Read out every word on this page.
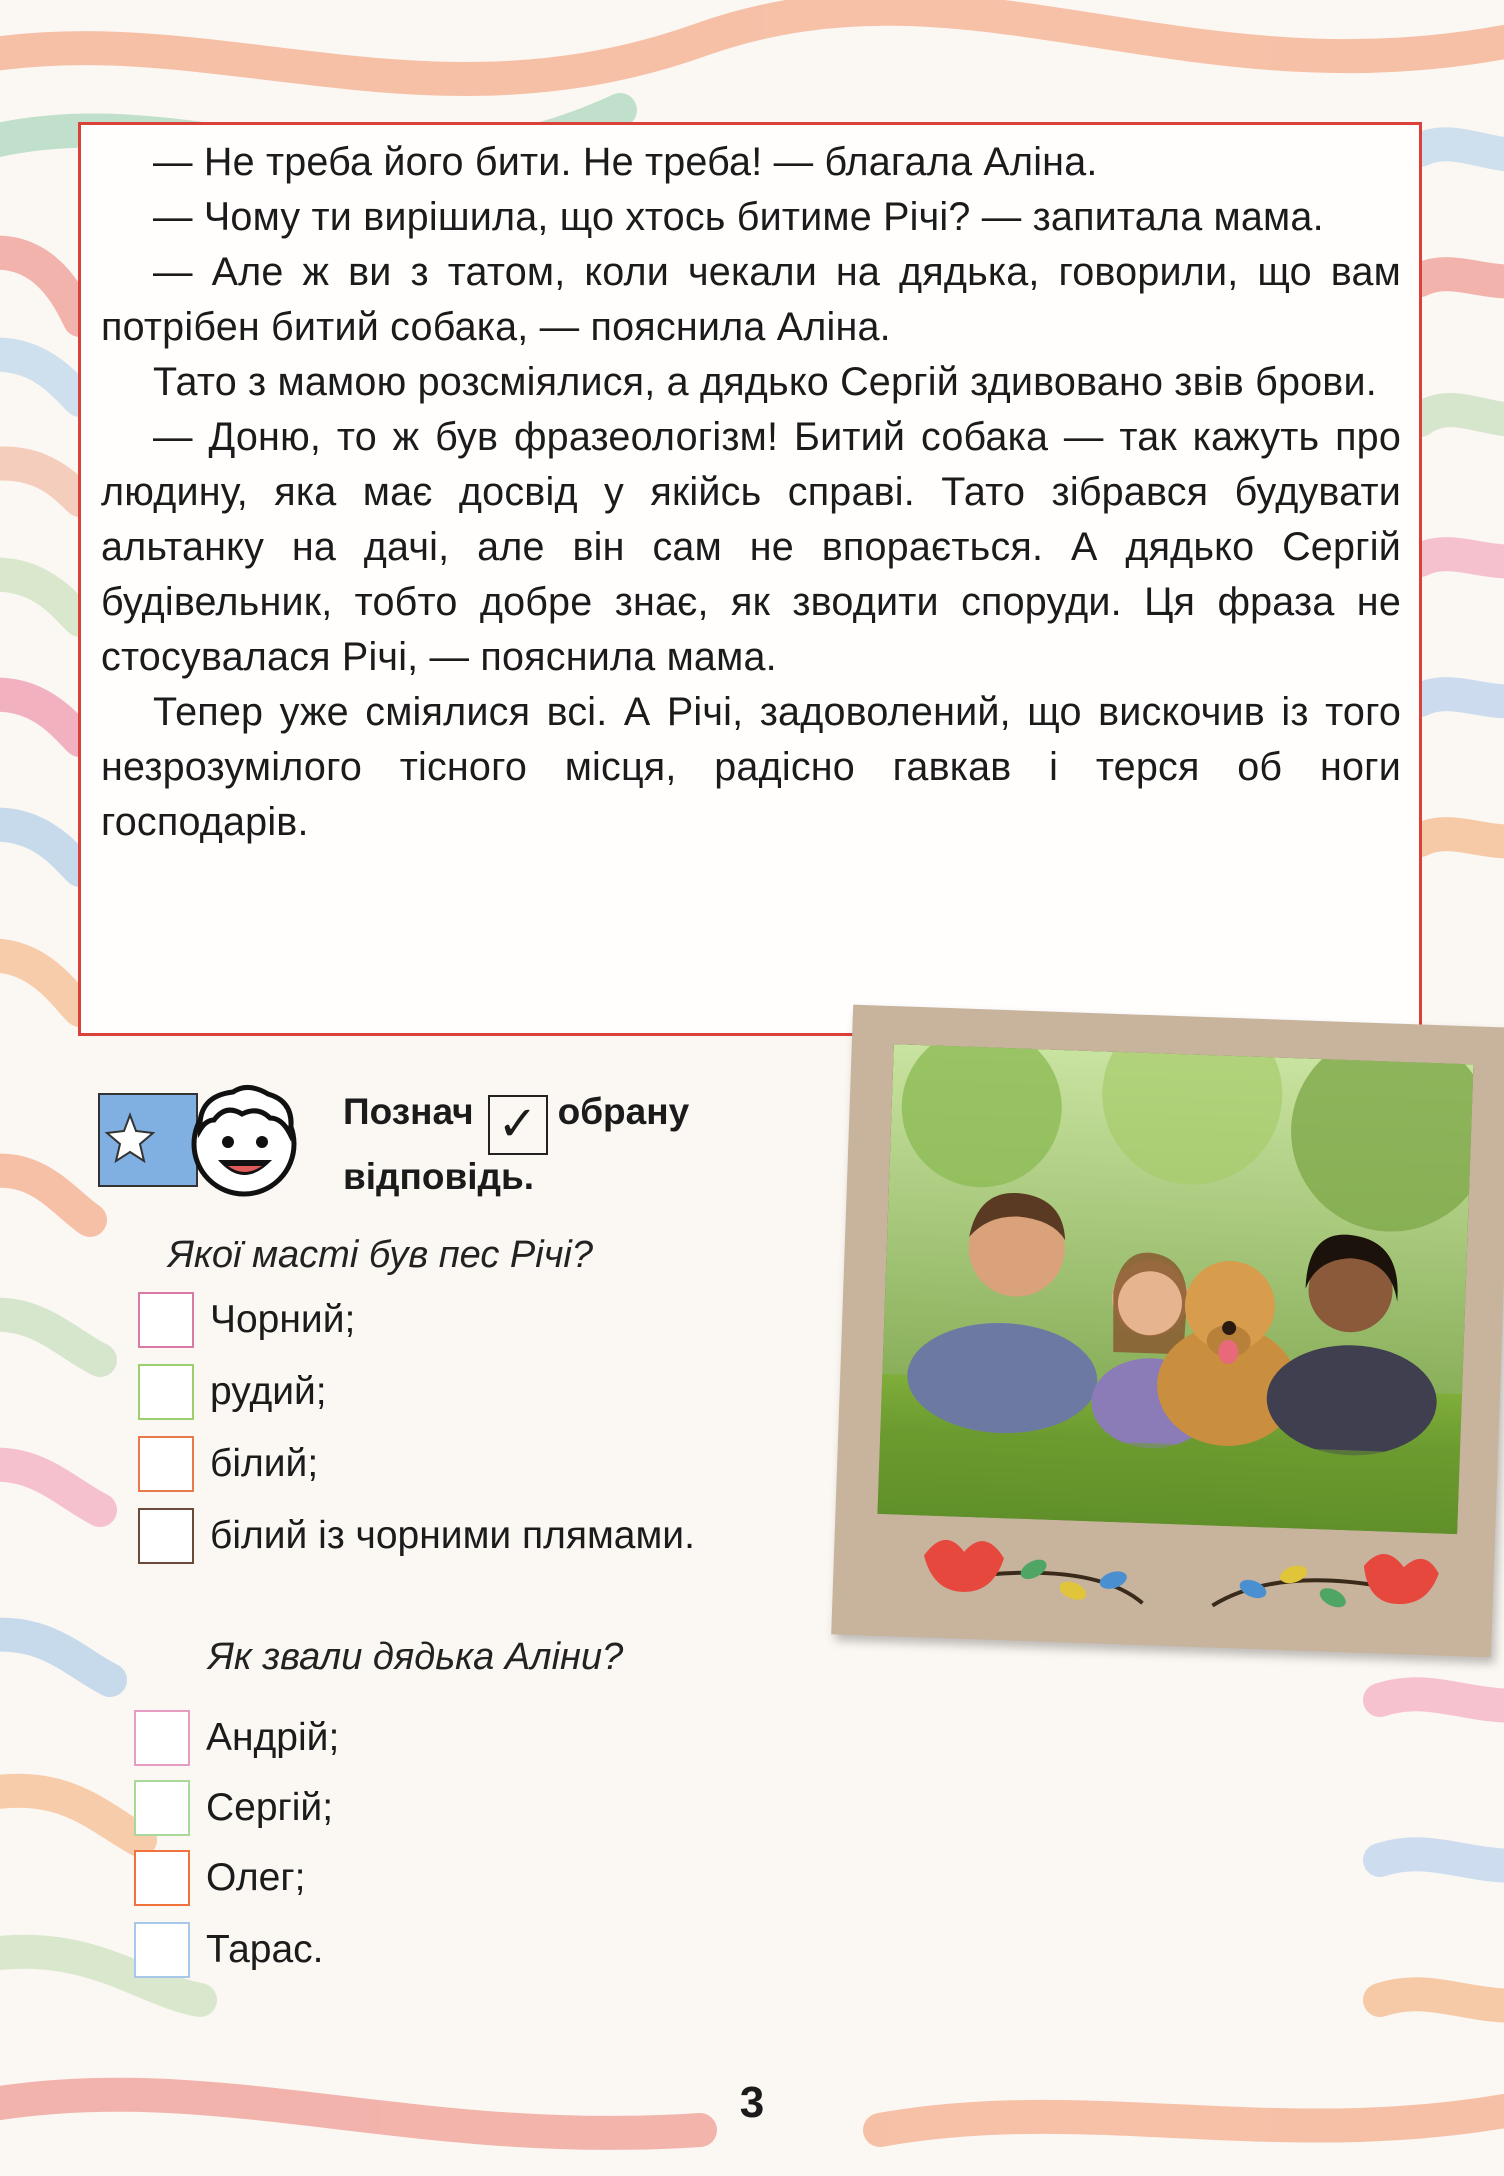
— Не треба його бити. Не треба! — благала Аліна.

— Чому ти вирішила, що хтось битиме Річі? — запитала мама.

— Але ж ви з татом, коли чекали на дядька, говорили, що вам потрібен битий собака, — пояснила Аліна.

Тато з мамою розсміялися, а дядько Сергій здивовано звів брови.

— Доню, то ж був фразеологізм! Битий собака — так кажуть про людину, яка має досвід у якійсь справі. Тато зібрався будувати альтанку на дачі, але він сам не впорається. А дядько Сергій будівельник, тобто добре знає, як зводити споруди. Ця фраза не стосувалася Річі, — пояснила мама.

Тепер уже сміялися всі. А Річі, задоволений, що вискочив із того незрозумілого тісного місця, радісно гавкав і терся об ноги господарів.

Познач ✓ обрану
відповідь.
Якої масті був пес Річі?
Чорний;
рудий;
білий;
білий із чорними плямами.
Як звали дядька Аліни?
Андрій;
Сергій;
Олег;
Тарас.
3
